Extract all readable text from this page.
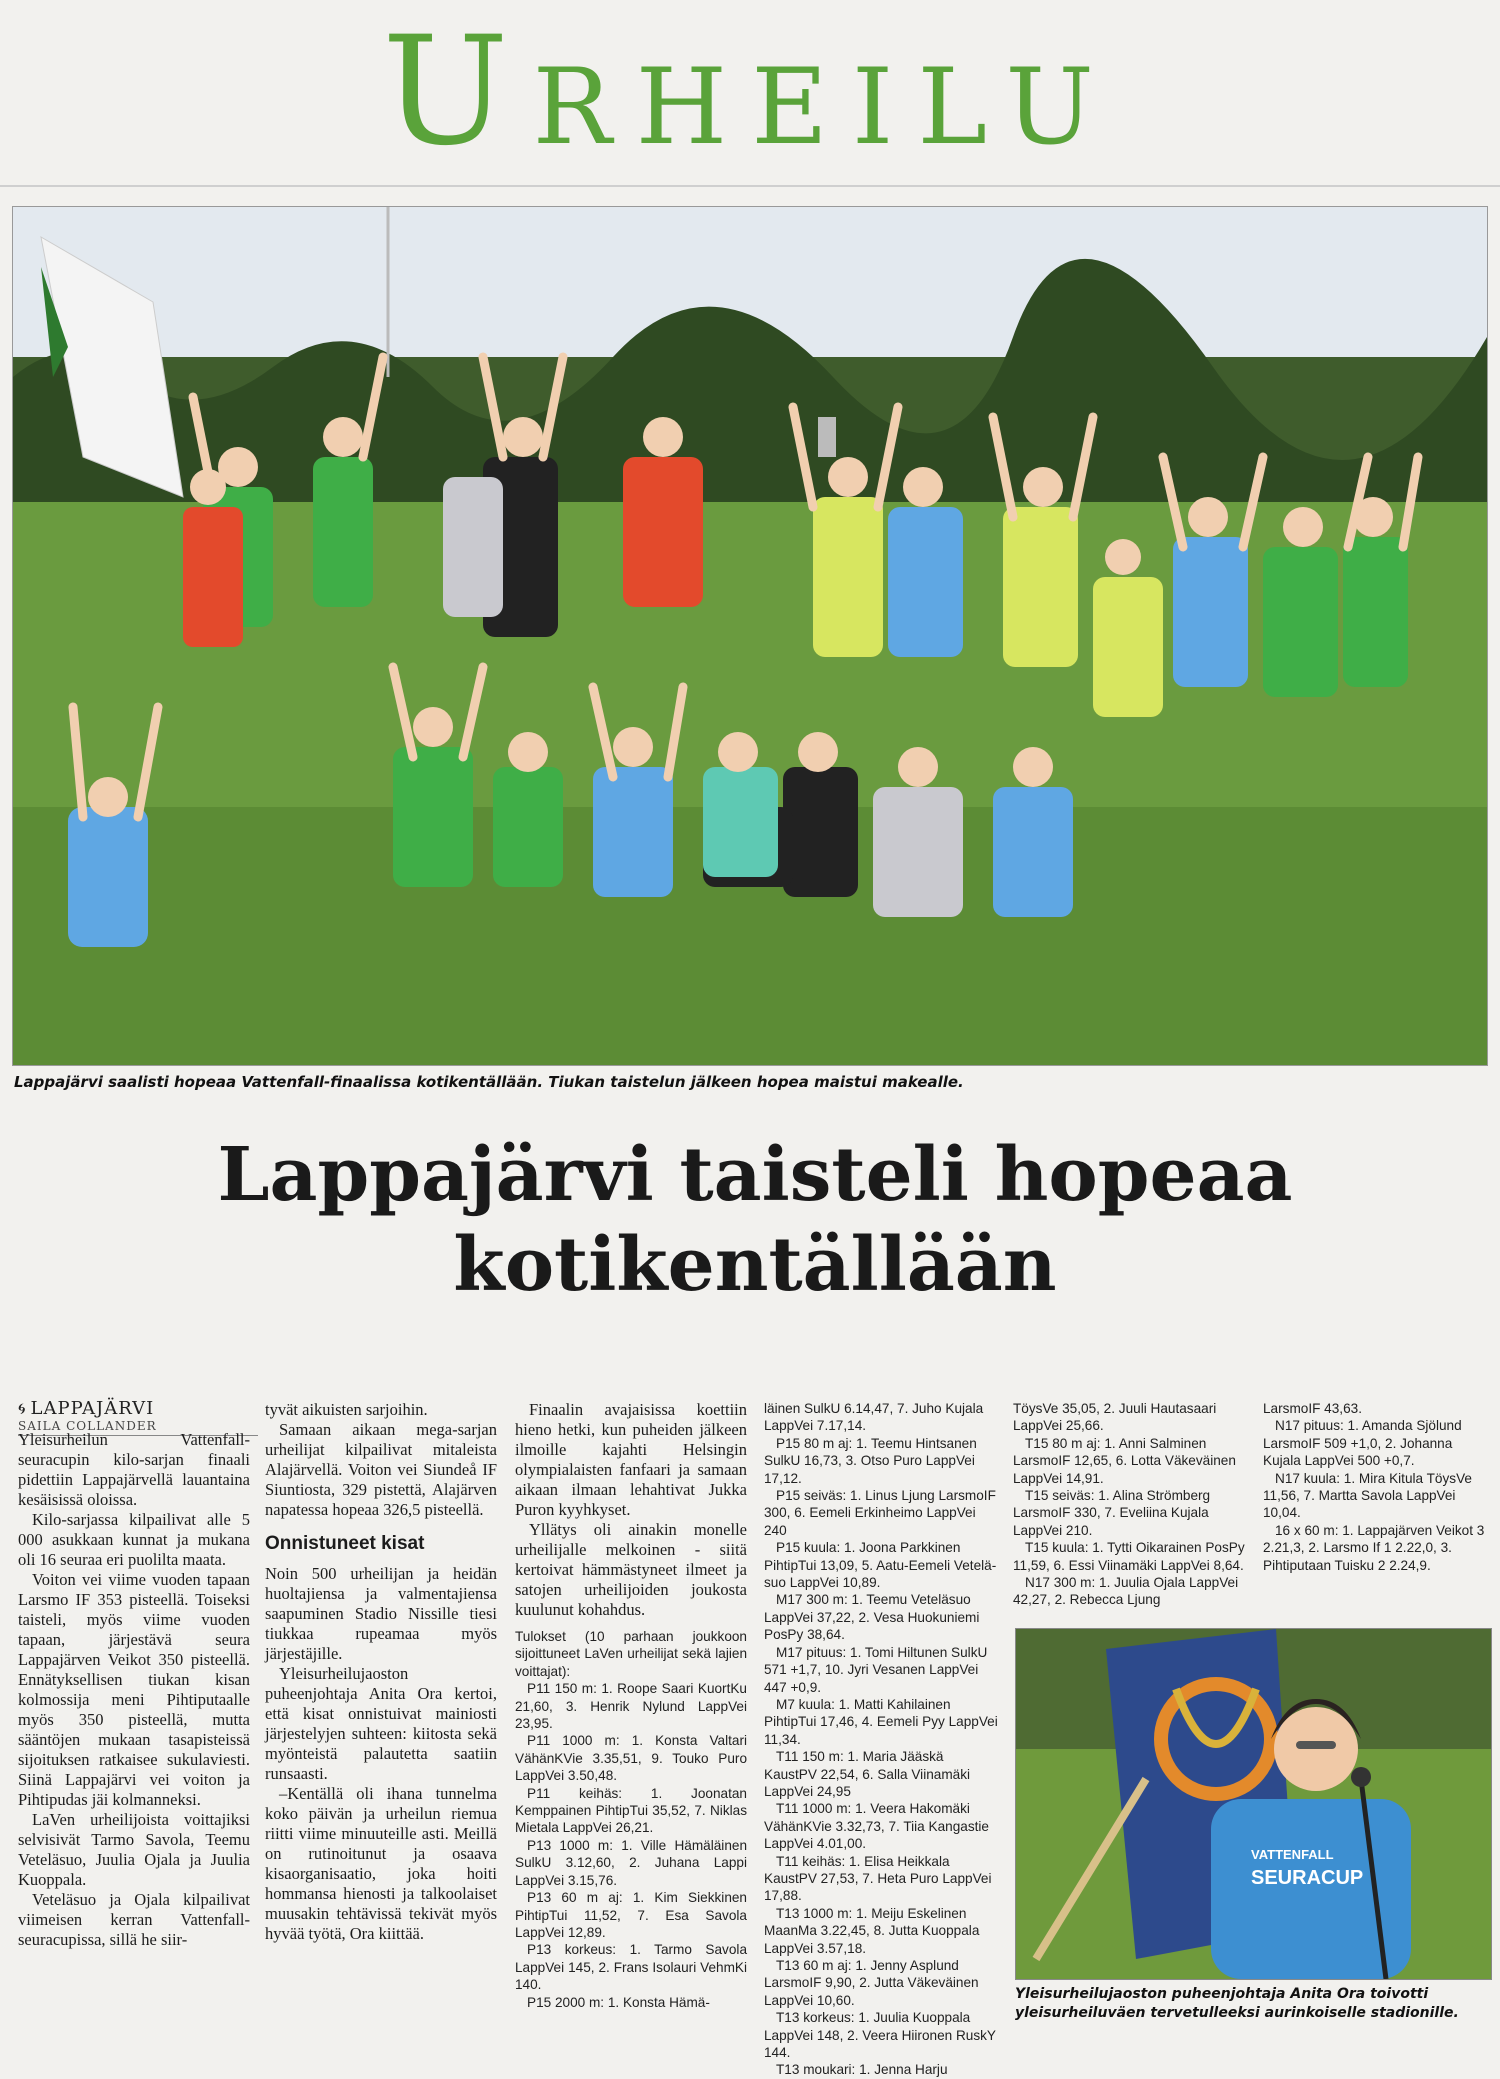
Urheilu
Lappajärvi saalisti hopeaa Vattenfall-finaalissa kotikentällään. Tiukan taistelun jälkeen hopea maistui makealle.
Lappajärvi taisteli hopeaa
kotikentällään
🌀︎ LAPPAJÄRVI
SAILA COLLANDER

Yleisurheilun Vattenfall-seuracupin kilo-sarjan finaali pidettiin Lappajärvellä lauantaina kesäisissä oloissa.

Kilo-sarjassa kilpailivat alle 5 000 asukkaan kunnat ja mukana oli 16 seuraa eri puolilta maata.

Voiton vei viime vuoden tapaan Larsmo IF 353 pisteellä. Toiseksi taisteli, myös viime vuoden tapaan, järjestävä seura Lappajärven Veikot 350 pisteellä. Ennätyksellisen tiukan kisan kolmossija meni Pihtiputaalle myös 350 pisteellä, mutta sääntöjen mukaan tasapisteissä sijoituksen ratkaisee sukulaviesti. Siinä Lappajärvi vei voiton ja Pihtipudas jäi kolmanneksi.

LaVen urheilijoista voittajiksi selvisivät Tarmo Savola, Teemu Veteläsuo, Juulia Ojala ja Juulia Kuoppala.

Veteläsuo ja Ojala kilpailivat viimeisen kerran Vattenfall-seuracupissa, sillä he siir-

tyvät aikuisten sarjoihin.

Samaan aikaan mega-sarjan urheilijat kilpailivat mitaleista Alajärvellä. Voiton vei Siundeå IF Siuntiosta, 329 pistettä, Alajärven napatessa hopeaa 326,5 pisteellä.

Onnistuneet kisat

Noin 500 urheilijan ja heidän huoltajiensa ja valmentajiensa saapuminen Stadio Nissille tiesi tiukkaa rupeamaa myös järjestäjille.

Yleisurheilujaoston puheenjohtaja Anita Ora kertoi, että kisat onnistuivat mainiosti järjestelyjen suhteen: kiitosta sekä myönteistä palautetta saatiin runsaasti.

–Kentällä oli ihana tunnelma koko päivän ja urheilun riemua riitti viime minuuteille asti. Meillä on rutinoitunut ja osaava kisaorganisaatio, joka hoiti hommansa hienosti ja talkoolaiset muusakin tehtävissä tekivät myös hyvää työtä, Ora kiittää.

Finaalin avajaisissa koettiin hieno hetki, kun puheiden jälkeen ilmoille kajahti Helsingin olympialaisten fanfaari ja samaan aikaan ilmaan lehahtivat Jukka Puron kyyhkyset.

Yllätys oli ainakin monelle urheilijalle melkoinen - siitä kertoivat hämmästyneet ilmeet ja satojen urheilijoiden joukosta kuulunut kohahdus.

Tulokset (10 parhaan joukkoon sijoittuneet LaVen urheilijat sekä lajien voittajat):
P11 150 m: 1. Roope Saari KuortKu 21,60, 3. Henrik Nylund LappVei 23,95.
P11 1000 m: 1. Konsta Valtari VähänKVie 3.35,51, 9. Touko Puro LappVei 3.50,48.
P11 keihäs: 1. Joonatan Kemppainen PihtipTui 35,52, 7. Niklas Mietala LappVei 26,21.
P13 1000 m: 1. Ville Hämäläinen SulkU 3.12,60, 2. Juhana Lappi LappVei 3.15,76.
P13 60 m aj: 1. Kim Siekkinen PihtipTui 11,52, 7. Esa Savola LappVei 12,89.
P13 korkeus: 1. Tarmo Savola LappVei 145, 2. Frans Isolauri VehmKi 140.
P15 2000 m: 1. Konsta Hämä-
läinen SulkU 6.14,47, 7. Juho Kujala LappVei 7.17,14.
P15 80 m aj: 1. Teemu Hintsanen SulkU 16,73, 3. Otso Puro LappVei 17,12.
P15 seiväs: 1. Linus Ljung LarsmoIF 300, 6. Eemeli Erkinheimo LappVei 240
P15 kuula: 1. Joona Parkkinen PihtipTui 13,09, 5. Aatu-Eemeli Veteläsuo LappVei 10,89.
M17 300 m: 1. Teemu Veteläsuo LappVei 37,22, 2. Vesa Huokuniemi PosPy 38,64.
M17 pituus: 1. Tomi Hiltunen SulkU 571 +1,7, 10. Jyri Vesanen LappVei 447 +0,9.
M7 kuula: 1. Matti Kahilainen PihtipTui 17,46, 4. Eemeli Pyy LappVei 11,34.
T11 150 m: 1. Maria Jääskä KaustPV 22,54, 6. Salla Viinamäki LappVei 24,95
T11 1000 m: 1. Veera Hakomäki VähänKVie 3.32,73, 7. Tiia Kangastie LappVei 4.01,00.
T11 keihäs: 1. Elisa Heikkala KaustPV 27,53, 7. Heta Puro LappVei 17,88.
T13 1000 m: 1. Meiju Eskelinen MaanMa 3.22,45, 8. Jutta Kuoppala LappVei 3.57,18.
T13 60 m aj: 1. Jenny Asplund LarsmoIF 9,90, 2. Jutta Väkeväinen LappVei 10,60.
T13 korkeus: 1. Juulia Kuoppala LappVei 148, 2. Veera Hiironen RuskY 144.
T13 moukari: 1. Jenna Harju
TöysVe 35,05, 2. Juuli Hautasaari LappVei 25,66.
T15 80 m aj: 1. Anni Salminen LarsmoIF 12,65, 6. Lotta Väkeväinen LappVei 14,91.
T15 seiväs: 1. Alina Strömberg LarsmoIF 330, 7. Eveliina Kujala LappVei 210.
T15 kuula: 1. Tytti Oikarainen PosPy 11,59, 6. Essi Viinamäki LappVei 8,64.
N17 300 m: 1. Juulia Ojala LappVei 42,27, 2. Rebecca Ljung
LarsmoIF 43,63.
N17 pituus: 1. Amanda Sjölund LarsmoIF 509 +1,0, 2. Johanna Kujala LappVei 500 +0,7.
N17 kuula: 1. Mira Kitula TöysVe 11,56, 7. Martta Savola LappVei 10,04.
16 x 60 m: 1. Lappajärven Veikot 3 2.21,3, 2. Larsmo If 1 2.22,0, 3. Pihtiputaan Tuisku 2 2.24,9.
VATTENFALL
SEURACUP
Yleisurheilujaoston puheenjohtaja Anita Ora toivotti yleisurheiluväen tervetulleeksi aurinkoiselle stadionille.
